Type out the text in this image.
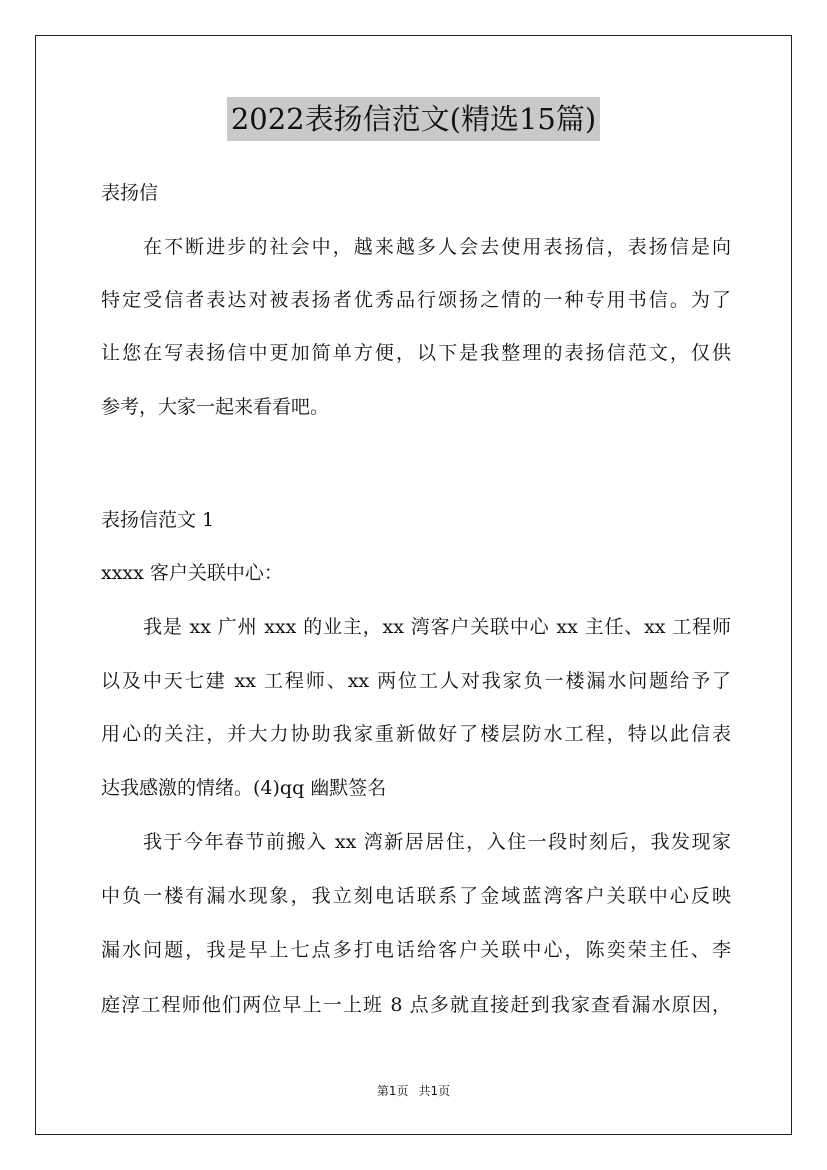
2022表扬信范文(精选15篇)
表扬信
在不断进步的社会中，越来越多人会去使用表扬信，表扬信是向
特定受信者表达对被表扬者优秀品行颂扬之情的一种专用书信。为了
让您在写表扬信中更加简单方便，以下是我整理的表扬信范文，仅供
参考，大家一起来看看吧。
表扬信范文 1
xxxx 客户关联中心：
我是 xx 广州 xxx 的业主，xx 湾客户关联中心 xx 主任、xx 工程师
以及中天七建 xx 工程师、xx 两位工人对我家负一楼漏水问题给予了
用心的关注，并大力协助我家重新做好了楼层防水工程，特以此信表
达我感激的情绪。(4)qq 幽默签名
我于今年春节前搬入 xx 湾新居居住，入住一段时刻后，我发现家
中负一楼有漏水现象，我立刻电话联系了金域蓝湾客户关联中心反映
漏水问题，我是早上七点多打电话给客户关联中心，陈奕荣主任、李
庭淳工程师他们两位早上一上班 8 点多就直接赶到我家查看漏水原因，
第1页 共1页
